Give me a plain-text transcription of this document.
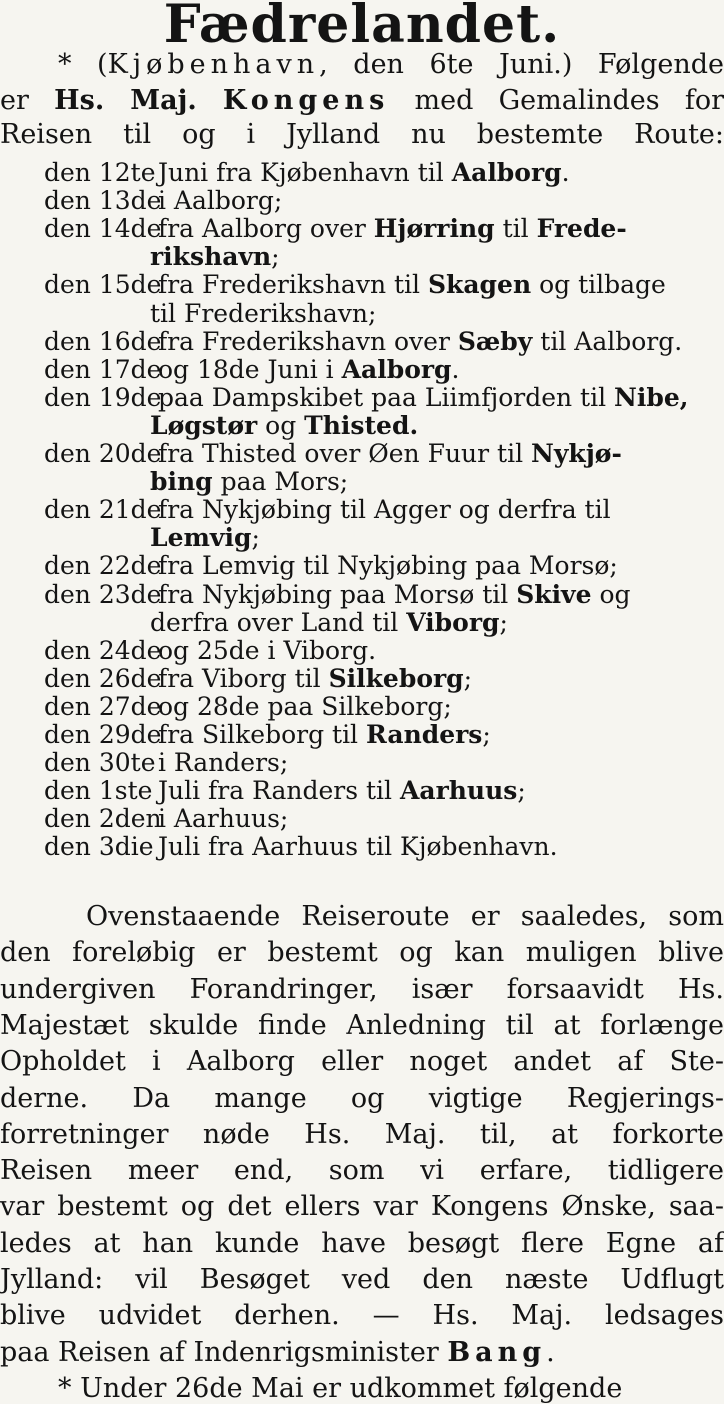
Fædrelandet.
* (Kjøbenhavn, den 6te Juni.) Følgende
er Hs. Maj. Kongens med Gemalindes for
Reisen til og i Jylland nu bestemte Route:
den 12te Juni fra Kjøbenhavn til Aalborg.
den 13de i Aalborg;
den 14de fra Aalborg over Hjørring til Frede-
rikshavn;
den 15de fra Frederikshavn til Skagen og tilbage
til Frederikshavn;
den 16de fra Frederikshavn over Sæby til Aalborg.
den 17de og 18de Juni i Aalborg.
den 19de paa Dampskibet paa Liimfjorden til Nibe,
Løgstør og Thisted.
den 20de fra Thisted over Øen Fuur til Nykjø-
bing paa Mors;
den 21de fra Nykjøbing til Agger og derfra til
Lemvig;
den 22de fra Lemvig til Nykjøbing paa Morsø;
den 23de fra Nykjøbing paa Morsø til Skive og
derfra over Land til Viborg;
den 24de og 25de i Viborg.
den 26de fra Viborg til Silkeborg;
den 27de og 28de paa Silkeborg;
den 29de fra Silkeborg til Randers;
den 30te i Randers;
den 1ste Juli fra Randers til Aarhuus;
den 2den i Aarhuus;
den 3die Juli fra Aarhuus til Kjøbenhavn.
Ovenstaaende Reiseroute er saaledes, som
den foreløbig er bestemt og kan muligen blive
undergiven Forandringer, især forsaavidt Hs.
Majestæt skulde finde Anledning til at forlænge
Opholdet i Aalborg eller noget andet af Ste-
derne. Da mange og vigtige Regjerings-
forretninger nøde Hs. Maj. til, at forkorte
Reisen meer end, som vi erfare, tidligere
var bestemt og det ellers var Kongens Ønske, saa-
ledes at han kunde have besøgt flere Egne af
Jylland: vil Besøget ved den næste Udflugt
blive udvidet derhen. — Hs. Maj. ledsages
paa Reisen af Indenrigsminister Bang.
* Under 26de Mai er udkommet følgende
